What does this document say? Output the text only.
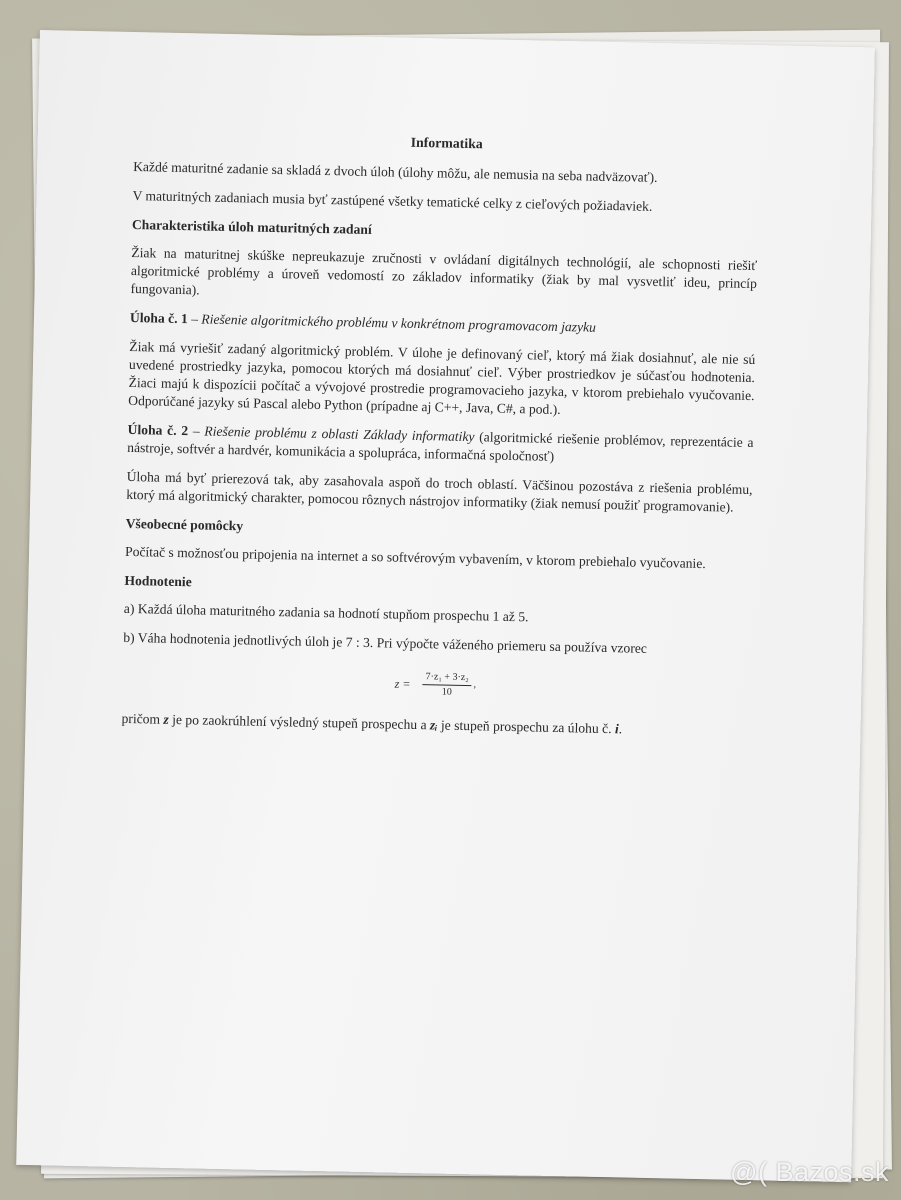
Informatika

Každé maturitné zadanie sa skladá z dvoch úloh (úlohy môžu, ale nemusia na seba nadväzovať).

V maturitných zadaniach musia byť zastúpené všetky tematické celky z cieľových požiadaviek.

Charakteristika úloh maturitných zadaní

Žiak na maturitnej skúške nepreukazuje zručnosti v ovládaní digitálnych technológií, ale schopnosti riešiť algoritmické problémy a úroveň vedomostí zo základov informatiky (žiak by mal vysvetliť ideu, princíp fungovania).

Úloha č. 1 – Riešenie algoritmického problému v konkrétnom programovacom jazyku

Žiak má vyriešiť zadaný algoritmický problém. V úlohe je definovaný cieľ, ktorý má žiak dosiahnuť, ale nie sú uvedené prostriedky jazyka, pomocou ktorých má dosiahnuť cieľ. Výber prostriedkov je súčasťou hodnotenia. Žiaci majú k dispozícii počítač a vývojové prostredie programovacieho jazyka, v ktorom prebiehalo vyučovanie. Odporúčané jazyky sú Pascal alebo Python (prípadne aj C++, Java, C#, a pod.).

Úloha č. 2 – Riešenie problému z oblasti Základy informatiky (algoritmické riešenie problémov, reprezentácie a nástroje, softvér a hardvér, komunikácia a spolupráca, informačná spoločnosť)

Úloha má byť prierezová tak, aby zasahovala aspoň do troch oblastí. Väčšinou pozostáva z riešenia problému, ktorý má algoritmický charakter, pomocou rôznych nástrojov informatiky (žiak nemusí použiť programovanie).

Všeobecné pomôcky

Počítač s možnosťou pripojenia na internet a so softvérovým vybavením, v ktorom prebiehalo vyučovanie.

Hodnotenie

a) Každá úloha maturitného zadania sa hodnotí stupňom prospechu 1 až 5.

b) Váha hodnotenia jednotlivých úloh je 7 : 3. Pri výpočte váženého priemeru sa používa vzorec

$z = \frac{\text{7·z₁ + 3·z₂}}{10}$ ,

pričom z je po zaokrúhlení výsledný stupeň prospechu a zᵢ je stupeň prospechu za úlohu č. i.

@( Bazos.sk
